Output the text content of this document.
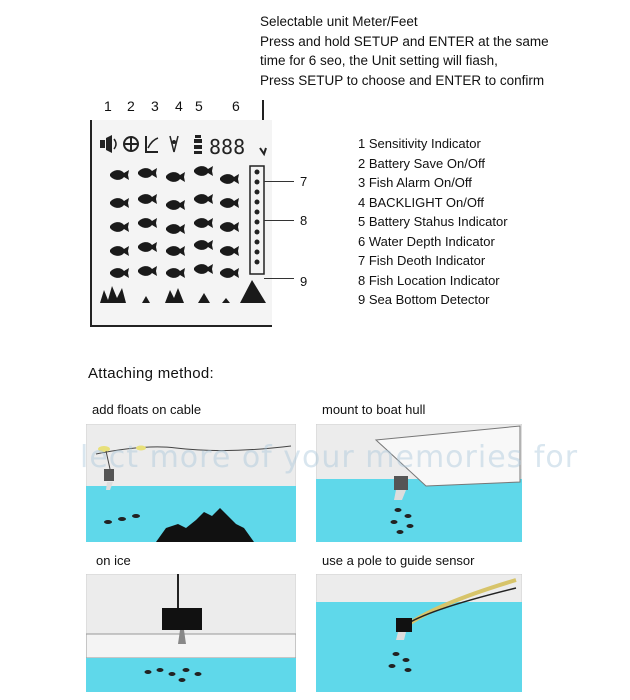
Selectable unit Meter/Feet
Press and hold SETUP and ENTER at the same
time for 6 seo, the Unit setting will fiash,
Press SETUP to choose and ENTER to confirm
1 2 3 4 5 6
888
7
8
9
1 Sensitivity Indicator
2 Battery Save On/Off
3 Fish Alarm On/Off
4 BACKLIGHT On/Off
5 Battery Stahus Indicator
6 Water Depth Indicator
7 Fish Deoth Indicator
8 Fish Location Indicator
9 Sea Bottom Detector
Attaching method:
add floats on cable	mount to boat hull
on ice	use a pole to guide sensor
lect more of your memories for
